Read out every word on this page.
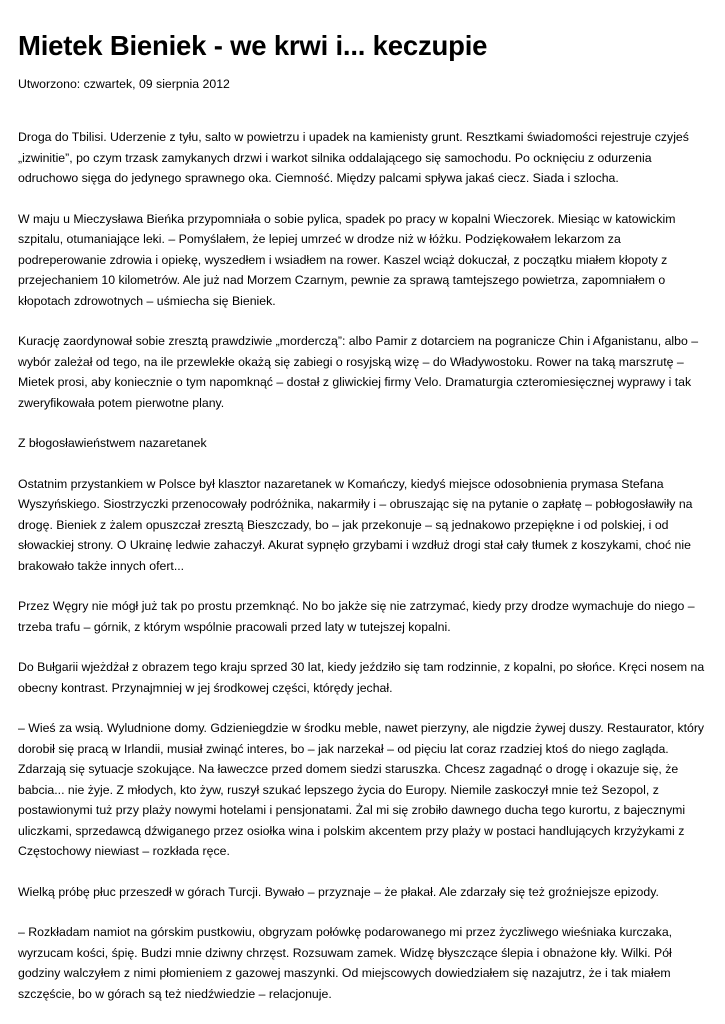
Mietek Bieniek - we krwi i... keczupie
Utworzono: czwartek, 09 sierpnia 2012

Droga do Tbilisi. Uderzenie z tyłu, salto w powietrzu i upadek na kamienisty grunt. Resztkami świadomości rejestruje czyjeś „izwinitie”, po czym trzask zamykanych drzwi i warkot silnika oddalającego się samochodu. Po ocknięciu z odurzenia odruchowo sięga do jedynego sprawnego oka. Ciemność. Między palcami spływa jakaś ciecz. Siada i szlocha.

W maju u Mieczysława Bieńka przypomniała o sobie pylica, spadek po pracy w kopalni Wieczorek. Miesiąc w katowickim szpitalu, otumaniające leki. – Pomyślałem, że lepiej umrzeć w drodze niż w łóżku. Podziękowałem lekarzom za podreperowanie zdrowia i opiekę, wyszedłem i wsiadłem na rower. Kaszel wciąż dokuczał, z początku miałem kłopoty z przejechaniem 10 kilometrów. Ale już nad Morzem Czarnym, pewnie za sprawą tamtejszego powietrza, zapomniałem o kłopotach zdrowotnych – uśmiecha się Bieniek.

Kurację zaordynował sobie zresztą prawdziwie „morderczą”: albo Pamir z dotarciem na pogranicze Chin i Afganistanu, albo – wybór zależał od tego, na ile przewlekłe okażą się zabiegi o rosyjską wizę – do Władywostoku. Rower na taką marszrutę – Mietek prosi, aby koniecznie o tym napomknąć – dostał z gliwickiej firmy Velo. Dramaturgia czteromiesięcznej wyprawy i tak zweryfikowała potem pierwotne plany.

Z błogosławieństwem nazaretanek

Ostatnim przystankiem w Polsce był klasztor nazaretanek w Komańczy, kiedyś miejsce odosobnienia prymasa Stefana Wyszyńskiego. Siostrzyczki przenocowały podróżnika, nakarmiły i – obruszając się na pytanie o zapłatę – pobłogosławiły na drogę. Bieniek z żalem opuszczał zresztą Bieszczady, bo – jak przekonuje – są jednakowo przepiękne i od polskiej, i od słowackiej strony. O Ukrainę ledwie zahaczył. Akurat sypnęło grzybami i wzdłuż drogi stał cały tłumek z koszykami, choć nie brakowało także innych ofert...

Przez Węgry nie mógł już tak po prostu przemknąć. No bo jakże się nie zatrzymać, kiedy przy drodze wymachuje do niego – trzeba trafu – górnik, z którym wspólnie pracowali przed laty w tutejszej kopalni.

Do Bułgarii wjeżdżał z obrazem tego kraju sprzed 30 lat, kiedy jeździło się tam rodzinnie, z kopalni, po słońce. Kręci nosem na obecny kontrast. Przynajmniej w jej środkowej części, którędy jechał.

– Wieś za wsią. Wyludnione domy. Gdzieniegdzie w środku meble, nawet pierzyny, ale nigdzie żywej duszy. Restaurator, który dorobił się pracą w Irlandii, musiał zwinąć interes, bo – jak narzekał – od pięciu lat coraz rzadziej ktoś do niego zagląda. Zdarzają się sytuacje szokujące. Na ławeczce przed domem siedzi staruszka. Chcesz zagadnąć o drogę i okazuje się, że babcia... nie żyje. Z młodych, kto żyw, ruszył szukać lepszego życia do Europy. Niemile zaskoczył mnie też Sezopol, z postawionymi tuż przy plaży nowymi hotelami i pensjonatami. Żal mi się zrobiło dawnego ducha tego kurortu, z bajecznymi uliczkami, sprzedawcą dźwiganego przez osiołka wina i polskim akcentem przy plaży w postaci handlujących krzyżykami z Częstochowy niewiast – rozkłada ręce.

Wielką próbę płuc przeszedł w górach Turcji. Bywało – przyznaje – że płakał. Ale zdarzały się też groźniejsze epizody.

– Rozkładam namiot na górskim pustkowiu, obgryzam połówkę podarowanego mi przez życzliwego wieśniaka kurczaka, wyrzucam kości, śpię. Budzi mnie dziwny chrzęst. Rozsuwam zamek. Widzę błyszczące ślepia i obnażone kły. Wilki. Pół godziny walczyłem z nimi płomieniem z gazowej maszynki. Od miejscowych dowiedziałem się nazajutrz, że i tak miałem szczęście, bo w górach są też niedźwiedzie – relacjonuje.
